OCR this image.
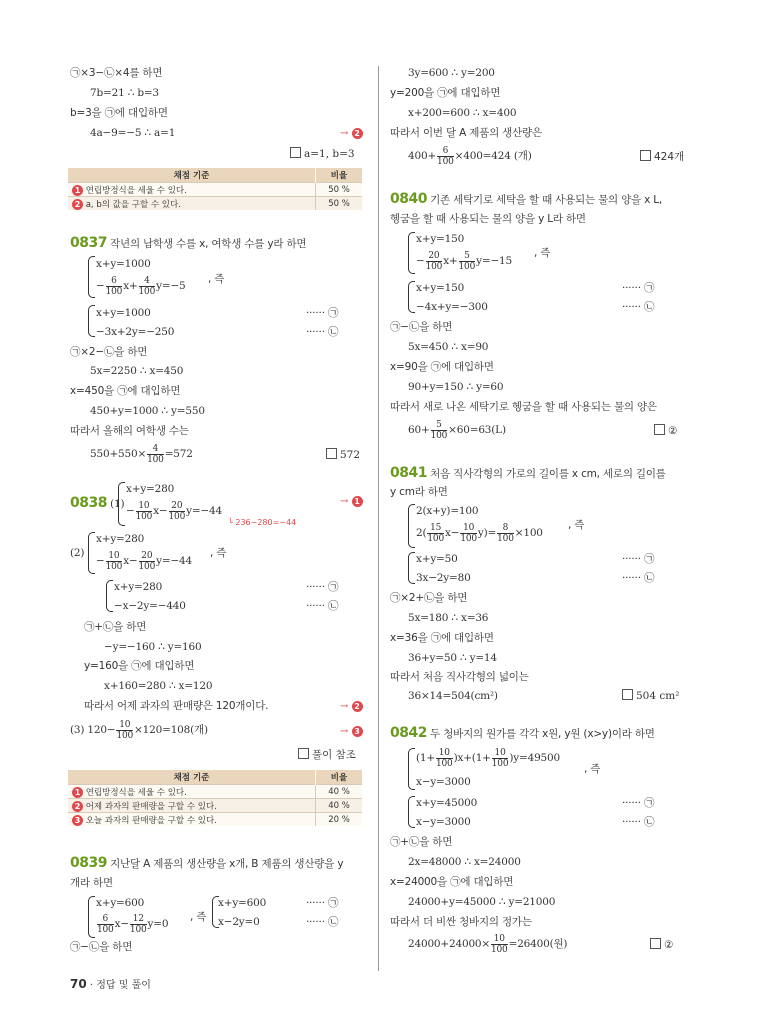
㉠×3−㉡×4를 하면
7b=21 ∴ b=3
b=3을 ㉠에 대입하면
4a−9=−5 ∴ a=1	→ 2
a=1, b=3
채점 기준	비율
1 연립방정식을 세울 수 있다.	50 %
2 a, b의 값을 구할 수 있다.	50 %
0837 작년의 남학생 수를 x, 여학생 수를 y라 하면
x+y=1000
− $\frac{6}{100} x+ \frac{4}{100} y=-5$
, 즉
x+y=1000	······ ㉠
−3x+2y=−250	······ ㉡
㉠×2−㉡을 하면
5x=2250 ∴ x=450
x=450을 ㉠에 대입하면
450+y=1000 ∴ y=550
따라서 올해의 여학생 수는
$550+550\times \frac{4}{100} =572$	572
0838 (1)
x+y=280
− $\frac{10}{100} x- \frac{20}{100} y=-44$
└ 236−280=−44
→ 1
(2)
x+y=280
− $\frac{10}{100} x- \frac{20}{100} y=-44$
, 즉
x+y=280	······ ㉠
−x−2y=−440	······ ㉡
㉠+㉡을 하면
−y=−160 ∴ y=160
y=160을 ㉠에 대입하면
x+160=280 ∴ x=120
따라서 어제 과자의 판매량은 120개이다.	→ 2
(3) $120- \frac{10}{100} \times 120=108$(개)	→ 3
풀이 참조
채점 기준	비율
1 연립방정식을 세울 수 있다.	40 %
2 어제 과자의 판매량을 구할 수 있다.	40 %
3 오늘 과자의 판매량을 구할 수 있다.	20 %
0839 지난달 A 제품의 생산량을 x개, B 제품의 생산량을 y
개라 하면
x+y=600
$\frac{6}{100} x- \frac{12}{100} y=0$
, 즉
x+y=600	······ ㉠
x−2y=0	······ ㉡
㉠−㉡을 하면
3y=600 ∴ y=200
y=200을 ㉠에 대입하면
x+200=600 ∴ x=400
따라서 이번 달 A 제품의 생산량은
$400+ \frac{6}{100} \times 400=424$ (개)	424개
0840 기존 세탁기로 세탁을 할 때 사용되는 물의 양을 x L,
헹굼을 할 때 사용되는 물의 양을 y L라 하면
x+y=150
− $\frac{20}{100} x+ \frac{5}{100} y=-15$
, 즉
x+y=150	······ ㉠
−4x+y=−300	······ ㉡
㉠−㉡을 하면
5x=450 ∴ x=90
x=90을 ㉠에 대입하면
90+y=150 ∴ y=60
따라서 새로 나온 세탁기로 헹굼을 할 때 사용되는 물의 양은
$60+ \frac{5}{100} \times 60=63(L)$	②
0841 처음 직사각형의 가로의 길이를 x cm, 세로의 길이를
y cm라 하면
2(x+y)=100
$2( \frac{15}{100} x- \frac{10}{100} y)= \frac{8}{100} \times 100$
, 즉
x+y=50	······ ㉠
3x−2y=80	······ ㉡
㉠×2+㉡을 하면
5x=180 ∴ x=36
x=36을 ㉠에 대입하면
36+y=50 ∴ y=14
따라서 처음 직사각형의 넓이는
36×14=504(cm²)	504 cm²
0842 두 청바지의 원가를 각각 x원, y원 (x>y)이라 하면
$(1+ \frac{10}{100} )x+(1+ \frac{10}{100} )y=49500$
, 즉
x−y=3000
x+y=45000	······ ㉠
x−y=3000	······ ㉡
㉠+㉡을 하면
2x=48000 ∴ x=24000
x=24000을 ㉠에 대입하면
24000+y=45000 ∴ y=21000
따라서 더 비싼 청바지의 정가는
$24000+24000\times \frac{10}{100} =26400$(원)	②
70 · 정답 및 풀이
